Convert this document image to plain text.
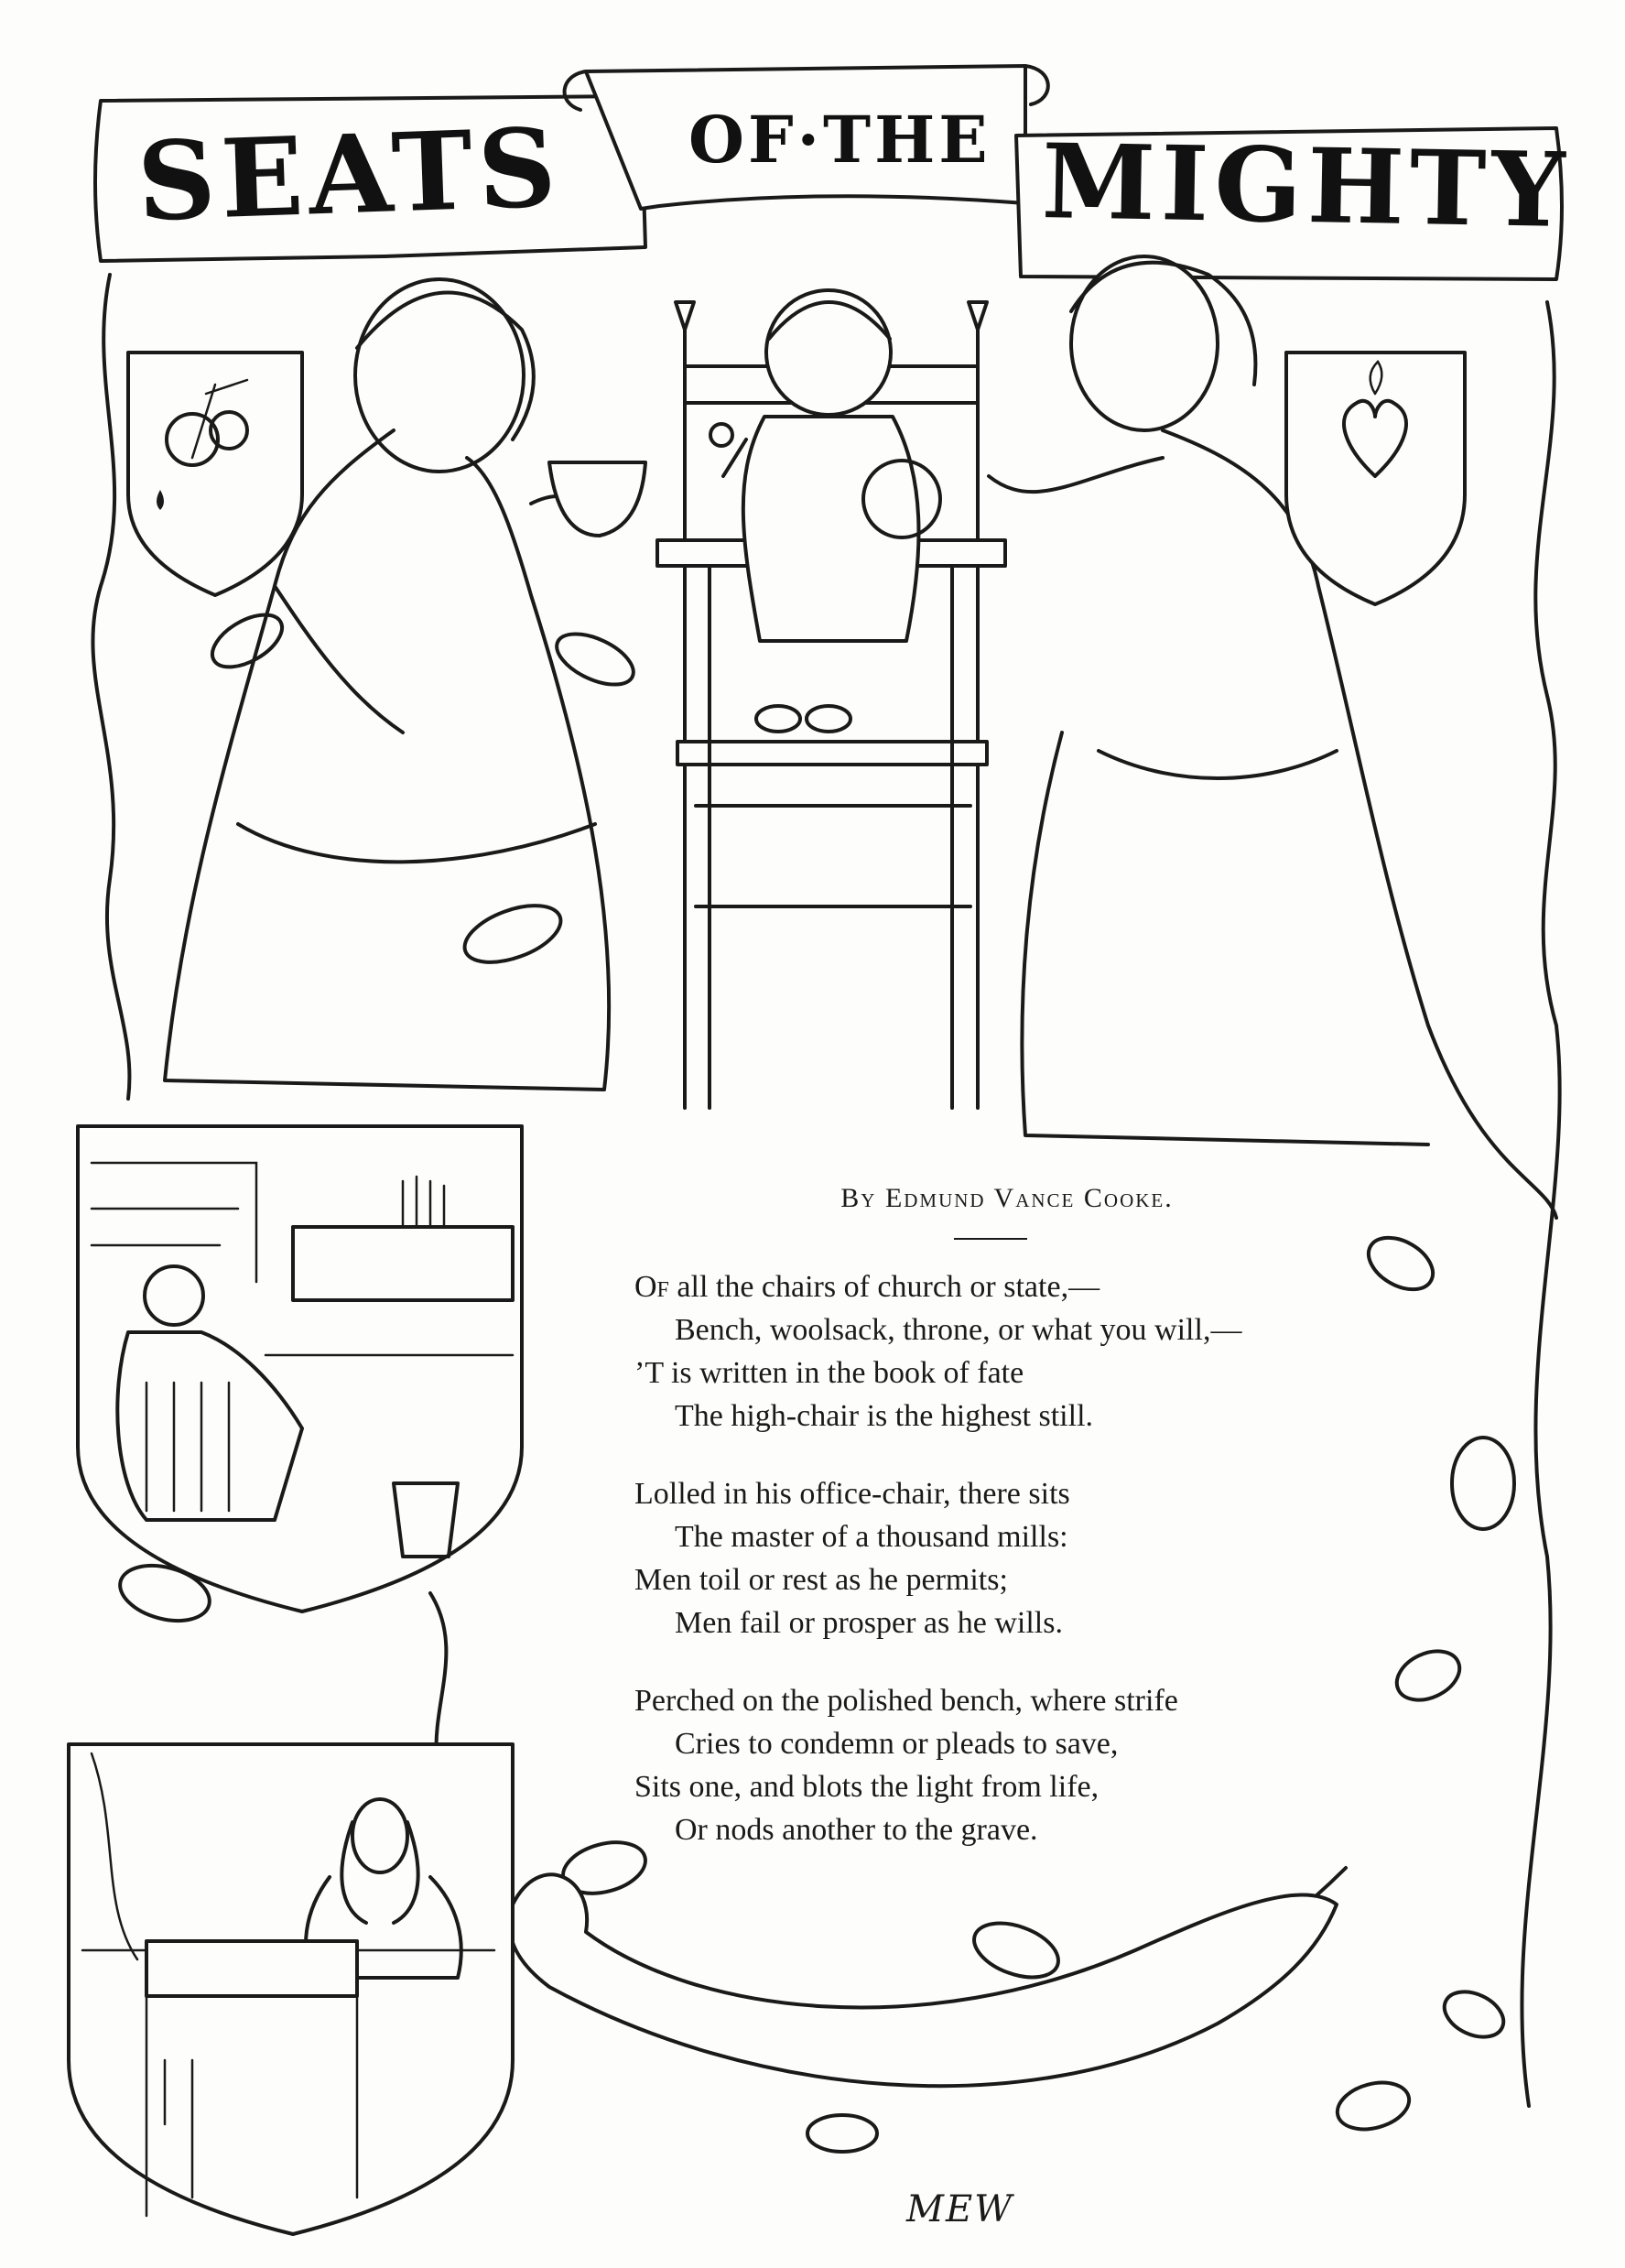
SEATS OF·THE MIGHTY
By Edmund Vance Cooke.
Of all the chairs of church or state,—
Bench, woolsack, throne, or what you will,—
’T is written in the book of fate
The high-chair is the highest still.
Lolled in his office-chair, there sits
The master of a thousand mills:
Men toil or rest as he permits;
Men fail or prosper as he wills.
Perched on the polished bench, where strife
Cries to condemn or pleads to save,
Sits one, and blots the light from life,
Or nods another to the grave.
MEW
